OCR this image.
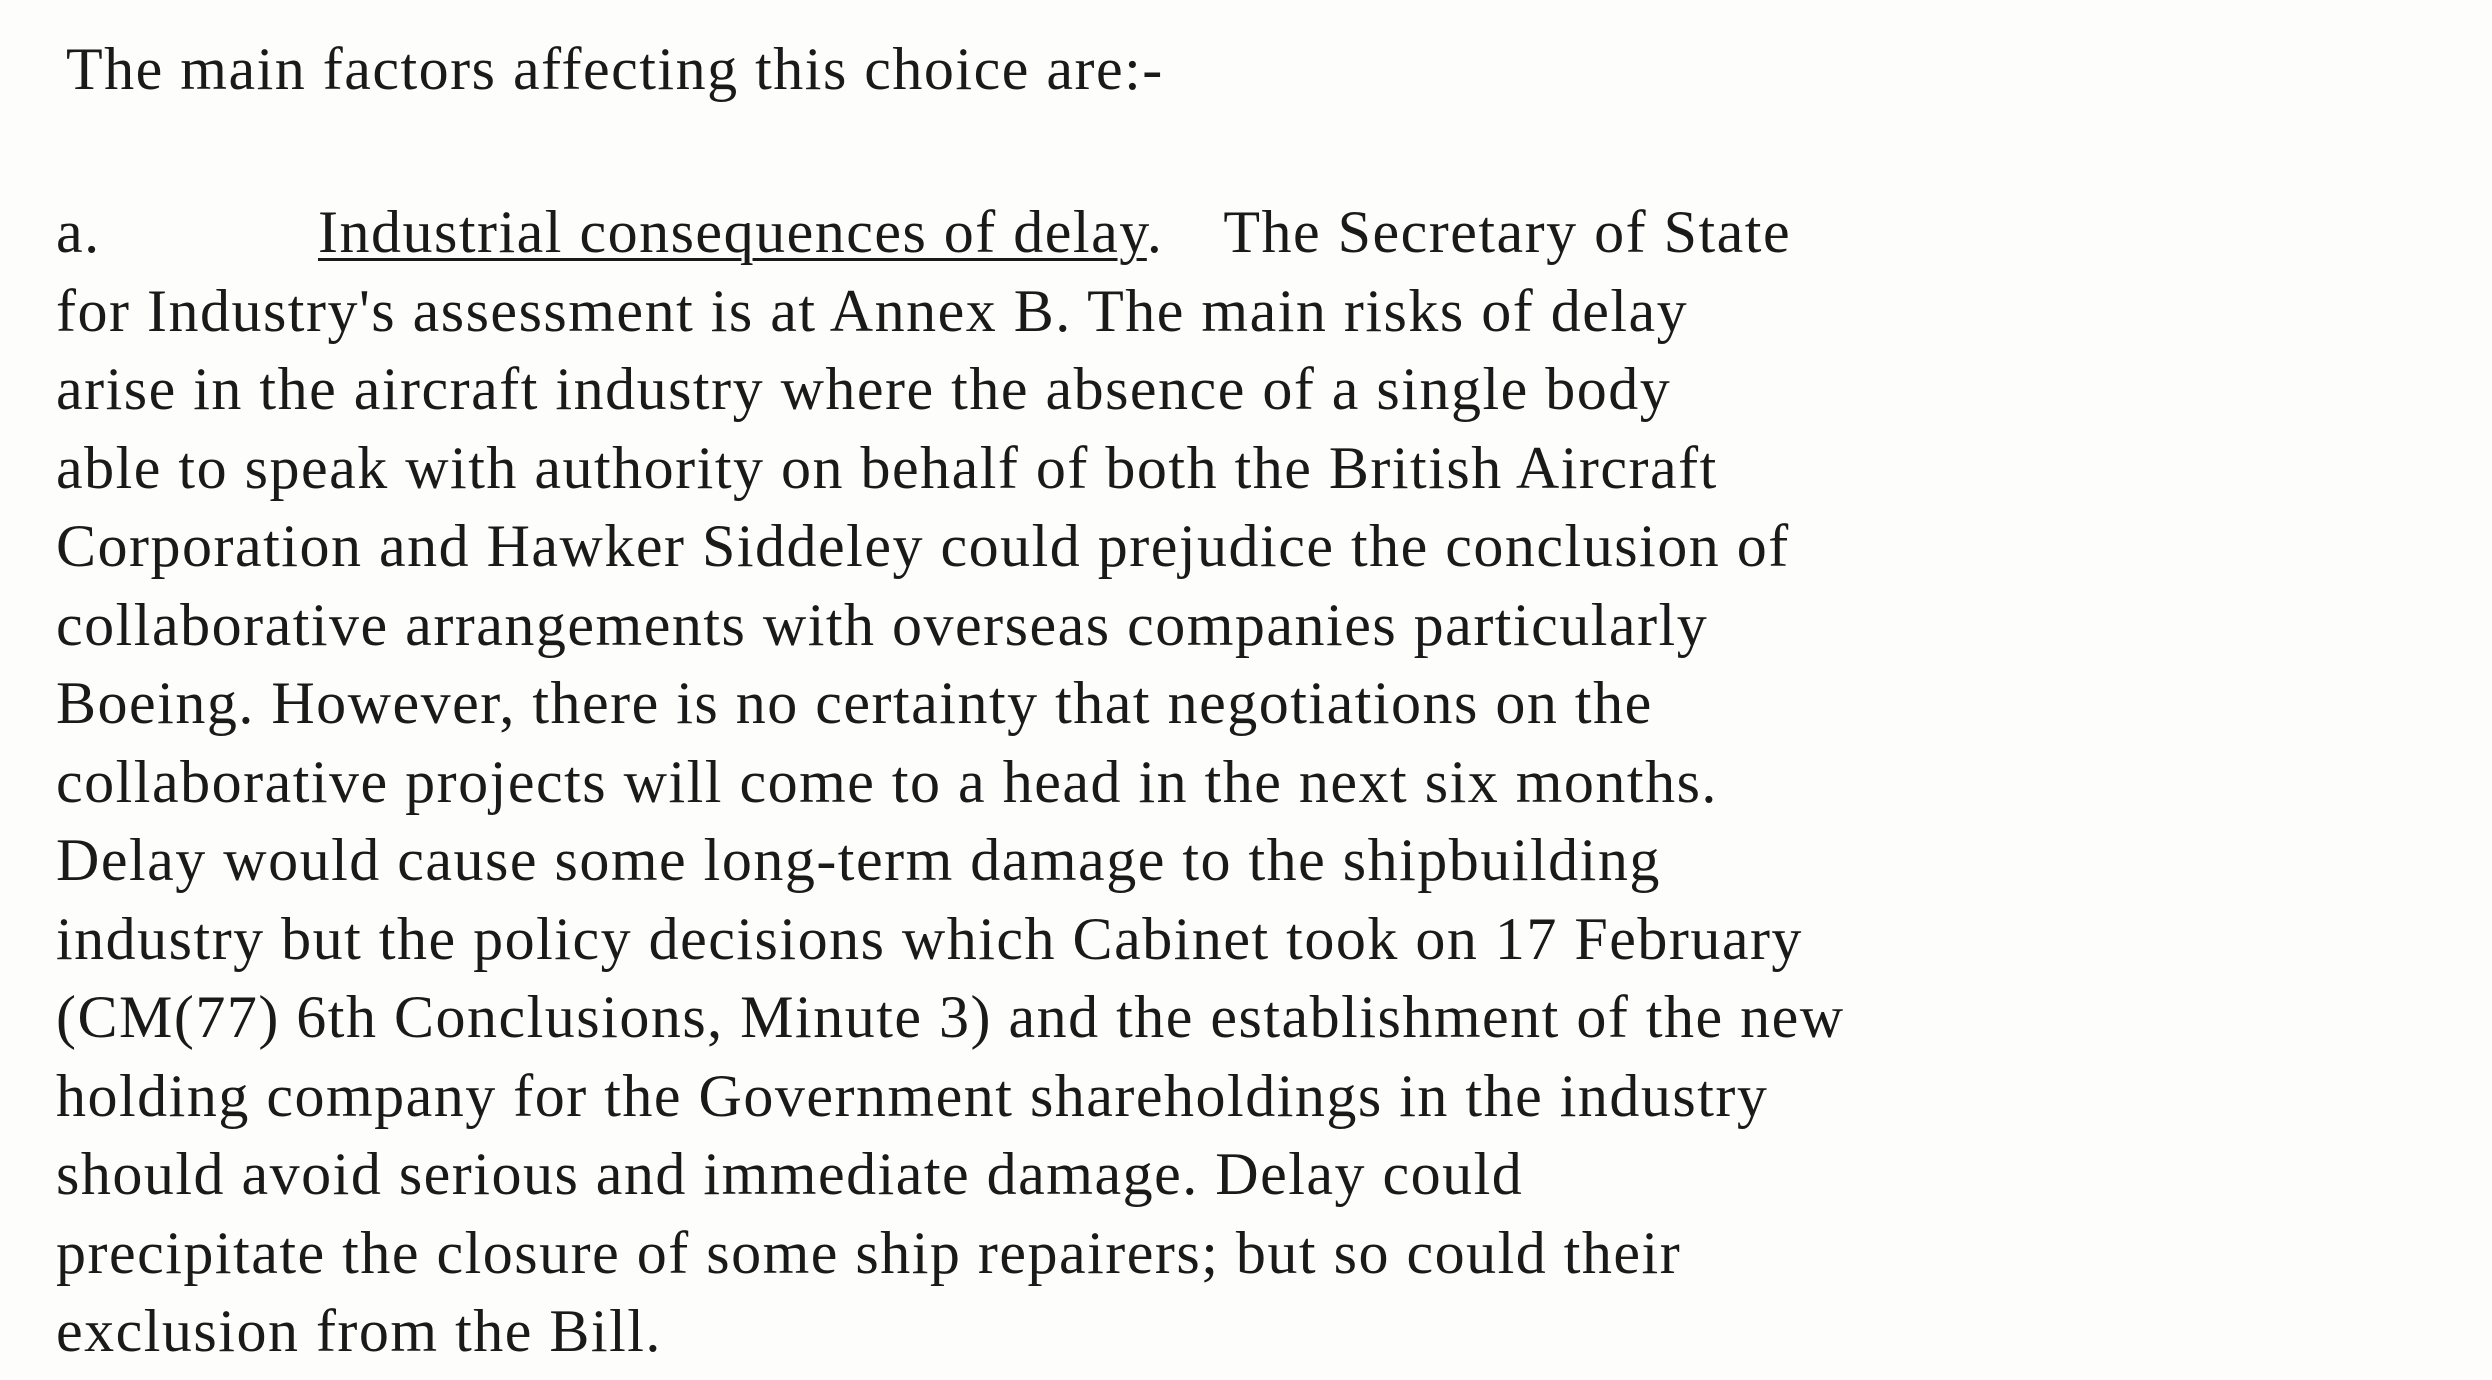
The main factors affecting this choice are:-
a.	Industrial consequences of delay. The Secretary of State
for Industry's assessment is at Annex B. The main risks of delay
arise in the aircraft industry where the absence of a single body
able to speak with authority on behalf of both the British Aircraft
Corporation and Hawker Siddeley could prejudice the conclusion of
collaborative arrangements with overseas companies particularly
Boeing. However, there is no certainty that negotiations on the
collaborative projects will come to a head in the next six months.
Delay would cause some long-term damage to the shipbuilding
industry but the policy decisions which Cabinet took on 17 February
(CM(77) 6th Conclusions, Minute 3) and the establishment of the new
holding company for the Government shareholdings in the industry
should avoid serious and immediate damage. Delay could
precipitate the closure of some ship repairers; but so could their
exclusion from the Bill.
